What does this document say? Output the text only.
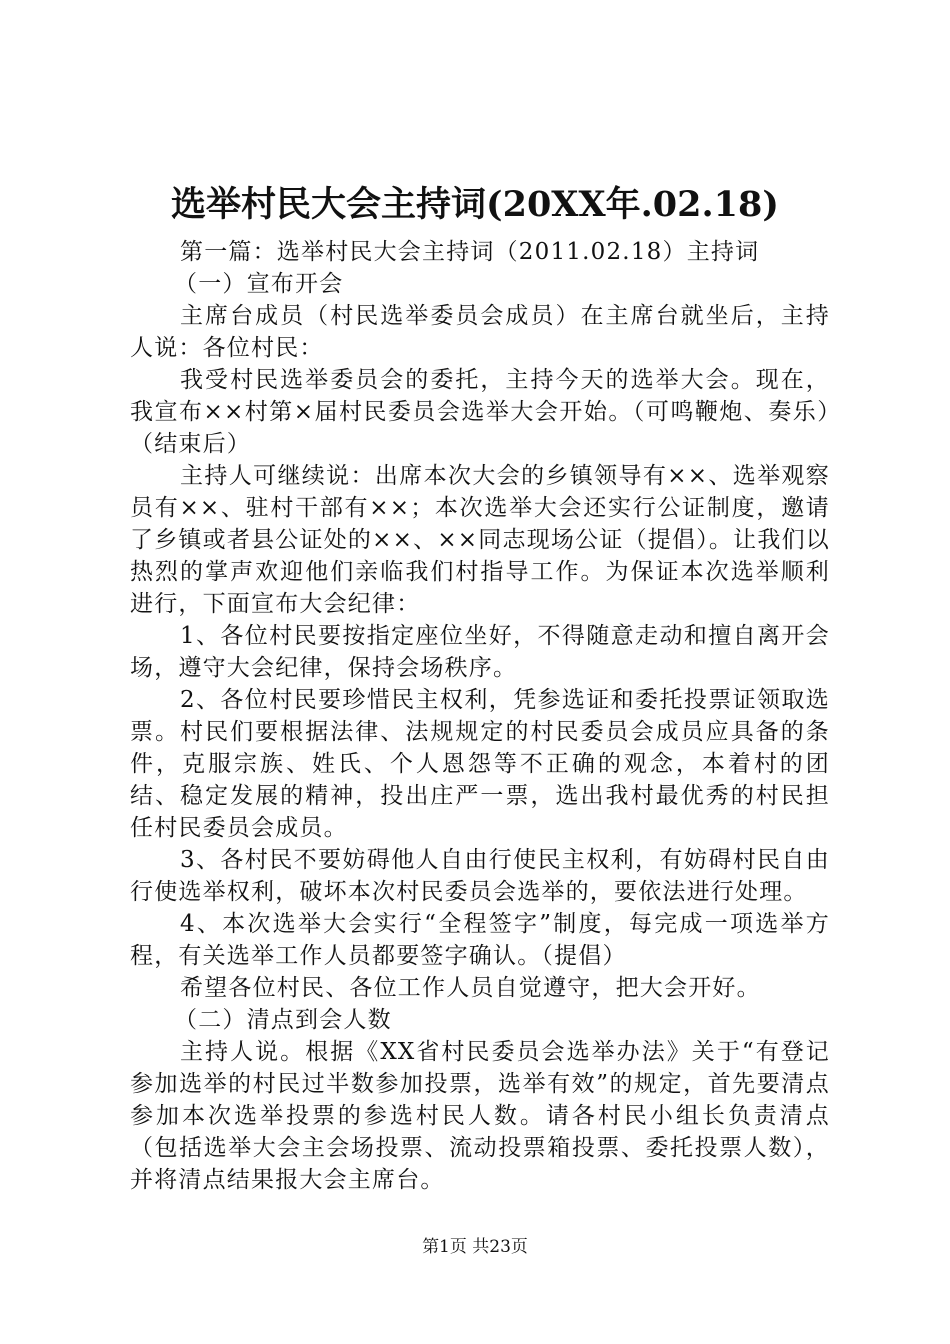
选举村民大会主持词(20XX年.02.18)

第一篇：选举村民大会主持词（2011.02.18）主持词

（一）宣布开会

主席台成员（村民选举委员会成员）在主席台就坐后，主持人说：各位村民：

我受村民选举委员会的委托，主持今天的选举大会。现在，我宣布××村第×届村民委员会选举大会开始。（可鸣鞭炮、奏乐）（结束后）

主持人可继续说：出席本次大会的乡镇领导有××、选举观察员有××、驻村干部有××；本次选举大会还实行公证制度，邀请了乡镇或者县公证处的××、××同志现场公证（提倡）。让我们以热烈的掌声欢迎他们亲临我们村指导工作。为保证本次选举顺利进行，下面宣布大会纪律：

1、各位村民要按指定座位坐好，不得随意走动和擅自离开会场，遵守大会纪律，保持会场秩序。

2、各位村民要珍惜民主权利，凭参选证和委托投票证领取选票。村民们要根据法律、法规规定的村民委员会成员应具备的条件，克服宗族、姓氏、个人恩怨等不正确的观念，本着村的团结、稳定发展的精神，投出庄严一票，选出我村最优秀的村民担任村民委员会成员。

3、各村民不要妨碍他人自由行使民主权利，有妨碍村民自由行使选举权利，破坏本次村民委员会选举的，要依法进行处理。

4、本次选举大会实行“全程签字”制度，每完成一项选举方程，有关选举工作人员都要签字确认。（提倡）

希望各位村民、各位工作人员自觉遵守，把大会开好。

（二）清点到会人数

主持人说。根据《XX省村民委员会选举办法》关于“有登记参加选举的村民过半数参加投票，选举有效”的规定，首先要清点参加本次选举投票的参选村民人数。请各村民小组长负责清点（包括选举大会主会场投票、流动投票箱投票、委托投票人数），并将清点结果报大会主席台。

第1页 共23页
